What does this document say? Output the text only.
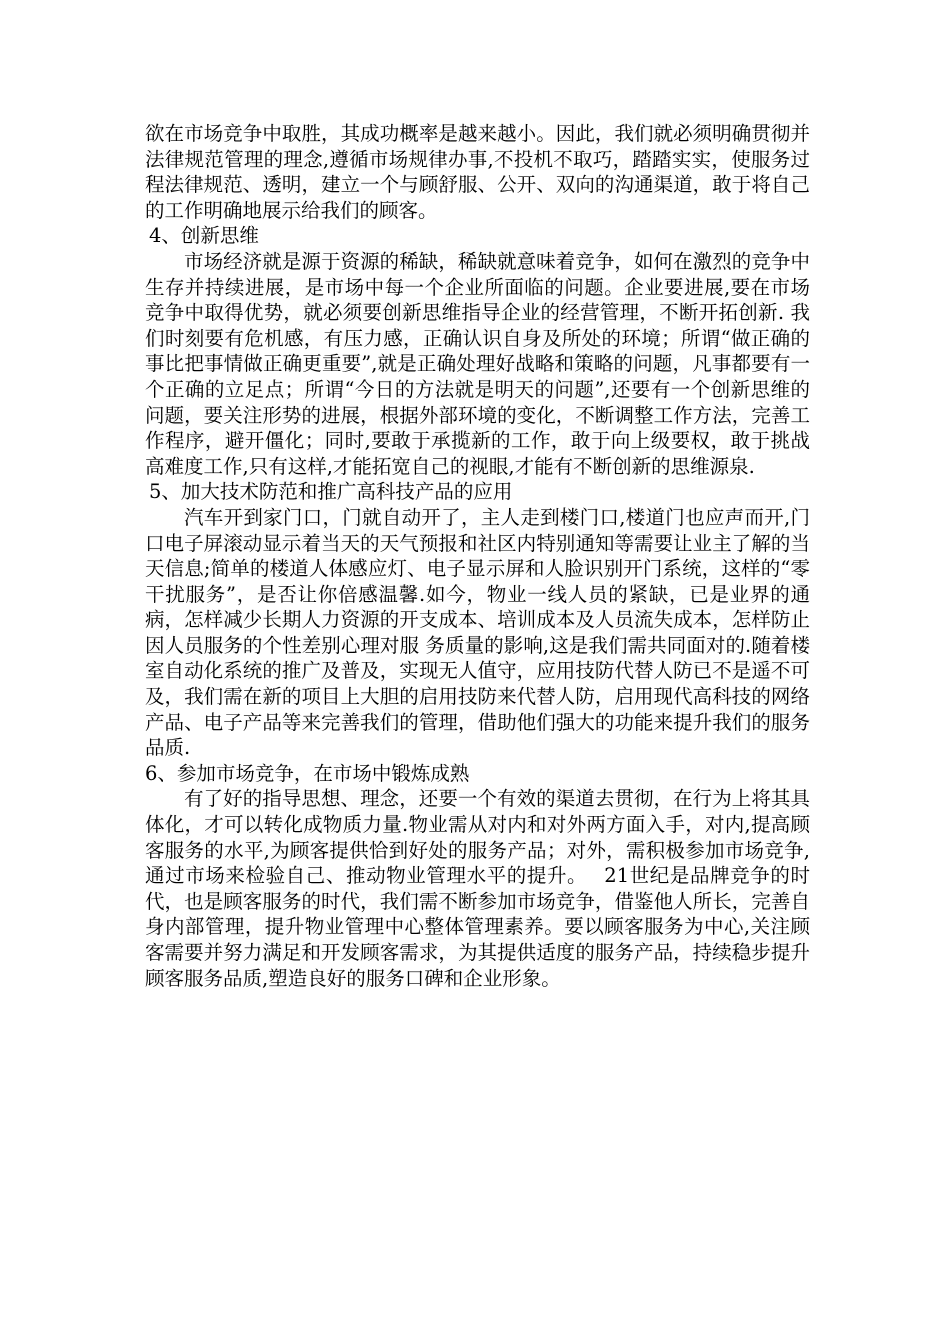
欲在市场竞争中取胜，其成功概率是越来越小。因此，我们就必须明确贯彻并法律规范管理的理念,遵循市场规律办事,不投机不取巧，踏踏实实，使服务过程法律规范、透明，建立一个与顾舒服、公开、双向的沟通渠道，敢于将自己的工作明确地展示给我们的顾客。

4、创新思维

市场经济就是源于资源的稀缺，稀缺就意味着竞争，如何在激烈的竞争中生存并持续进展，是市场中每一个企业所面临的问题。企业要进展,要在市场竞争中取得优势，就必须要创新思维指导企业的经营管理，不断开拓创新. 我们时刻要有危机感，有压力感，正确认识自身及所处的环境；所谓“做正确的事比把事情做正确更重要”,就是正确处理好战略和策略的问题，凡事都要有一个正确的立足点；所谓“今日的方法就是明天的问题”,还要有一个创新思维的问题，要关注形势的进展，根据外部环境的变化，不断调整工作方法，完善工作程序，避开僵化；同时,要敢于承揽新的工作，敢于向上级要权，敢于挑战高难度工作,只有这样,才能拓宽自己的视眼,才能有不断创新的思维源泉.

5、加大技术防范和推广高科技产品的应用

汽车开到家门口，门就自动开了，主人走到楼门口,楼道门也应声而开,门口电子屏滚动显示着当天的天气预报和社区内特别通知等需要让业主了解的当天信息;简单的楼道人体感应灯、电子显示屏和人脸识别开门系统，这样的“零干扰服务”，是否让你倍感温馨.如今，物业一线人员的紧缺，已是业界的通病，怎样减少长期人力资源的开支成本、培训成本及人员流失成本，怎样防止因人员服务的个性差别心理对服 务质量的影响,这是我们需共同面对的.随着楼室自动化系统的推广及普及，实现无人值守，应用技防代替人防已不是遥不可及，我们需在新的项目上大胆的启用技防来代替人防，启用现代高科技的网络产品、电子产品等来完善我们的管理，借助他们强大的功能来提升我们的服务品质.

6、参加市场竞争，在市场中锻炼成熟

有了好的指导思想、理念，还要一个有效的渠道去贯彻，在行为上将其具体化，才可以转化成物质力量.物业需从对内和对外两方面入手，对内,提高顾客服务的水平,为顾客提供恰到好处的服务产品；对外，需积极参加市场竞争,通过市场来检验自己、推动物业管理水平的提升。　 21世纪是品牌竞争的时代，也是顾客服务的时代，我们需不断参加市场竞争，借鉴他人所长，完善自身内部管理，提升物业管理中心整体管理素养。要以顾客服务为中心,关注顾客需要并努力满足和开发顾客需求，为其提供适度的服务产品，持续稳步提升顾客服务品质,塑造良好的服务口碑和企业形象。
